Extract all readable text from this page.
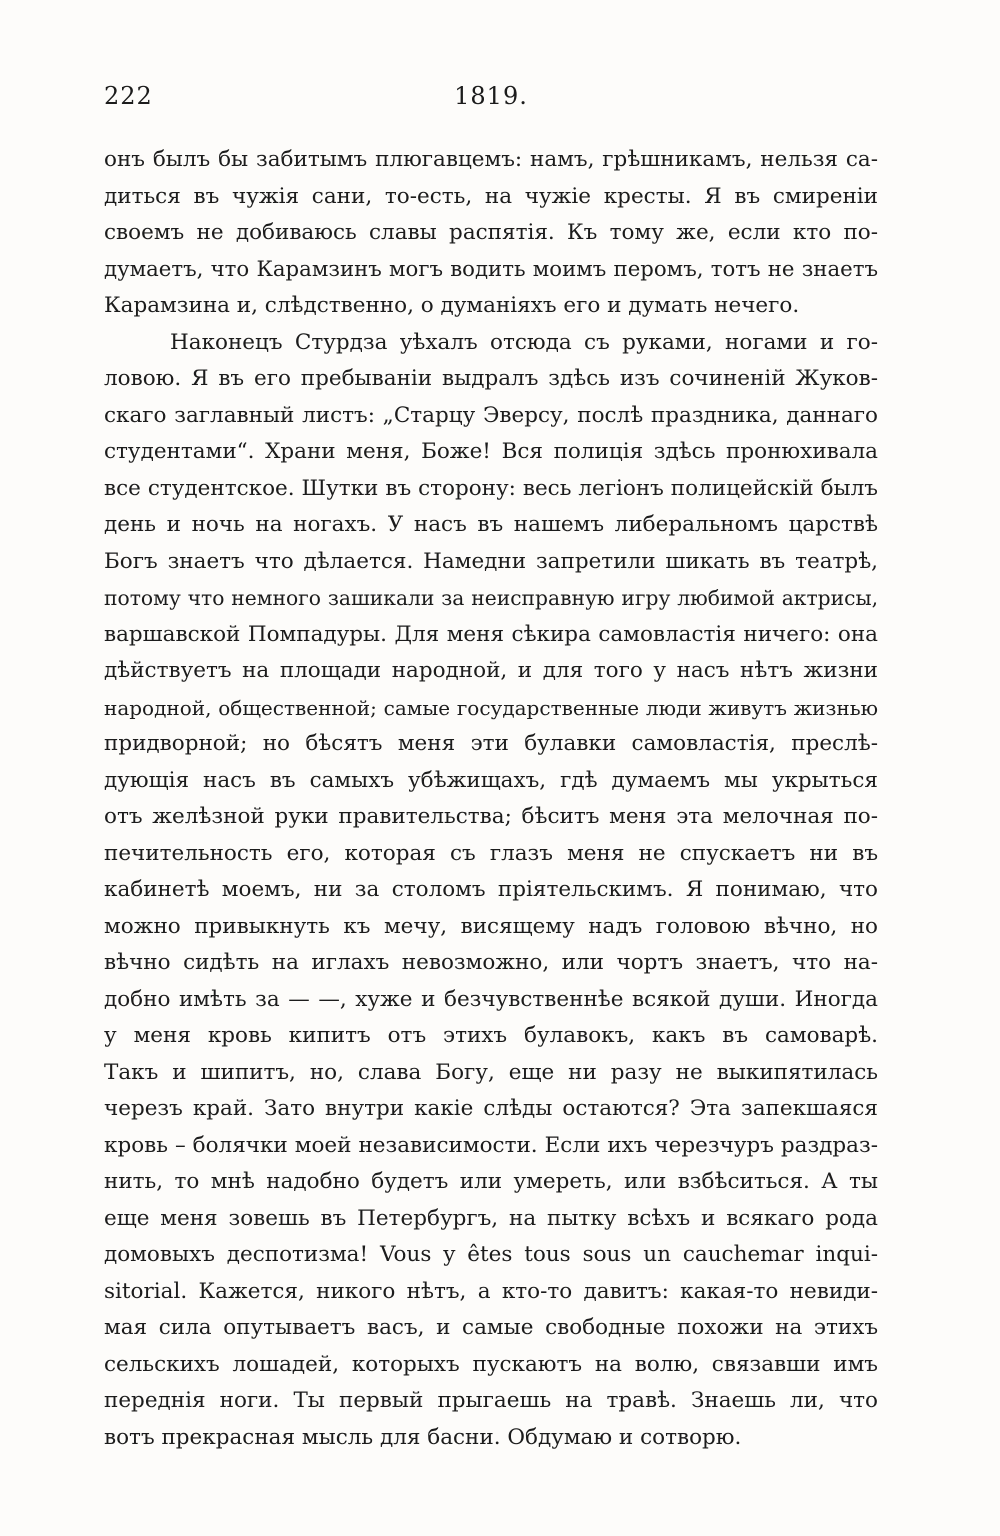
222	1819.
онъ былъ бы забитымъ плюгавцемъ: намъ, грѣшникамъ, нельзя са-
диться въ чужія сани, то-есть, на чужіе кресты. Я въ смиреніи
своемъ не добиваюсь славы распятія. Къ тому же, если кто по-
думаетъ, что Карамзинъ могъ водить моимъ перомъ, тотъ не знаетъ
Карамзина и, слѣдственно, о думаніяхъ его и думать нечего.
Наконецъ Стурдза уѣхалъ отсюда съ руками, ногами и го-
ловою. Я въ его пребываніи выдралъ здѣсь изъ сочиненій Жуков-
скаго заглавный листъ: „Старцу Эверсу, послѣ праздника, даннаго
студентами“. Храни меня, Боже! Вся полиція здѣсь пронюхивала
все студентское. Шутки въ сторону: весь легіонъ полицейскій былъ
день и ночь на ногахъ. У насъ въ нашемъ либеральномъ царствѣ
Богъ знаетъ что дѣлается. Намедни запретили шикать въ театрѣ,
потому что немного зашикали за неисправную игру любимой актрисы,
варшавской Помпадуры. Для меня сѣкира самовластія ничего: она
дѣйствуетъ на площади народной, и для того у насъ нѣтъ жизни
народной, общественной; самые государственные люди живутъ жизнью
придворной; но бѣсятъ меня эти булавки самовластія, преслѣ-
дующія насъ въ самыхъ убѣжищахъ, гдѣ думаемъ мы укрыться
отъ желѣзной руки правительства; бѣситъ меня эта мелочная по-
печительность его, которая съ глазъ меня не спускаетъ ни въ
кабинетѣ моемъ, ни за столомъ пріятельскимъ. Я понимаю, что
можно привыкнуть къ мечу, висящему надъ головою вѣчно, но
вѣчно сидѣть на иглахъ невозможно, или чортъ знаетъ, что на-
добно имѣть за — —, хуже и безчувственнѣе всякой души. Иногда
у меня кровь кипитъ отъ этихъ булавокъ, какъ въ самоварѣ.
Такъ и шипитъ, но, слава Богу, еще ни разу не выкипятилась
черезъ край. Зато внутри какіе слѣды остаются? Эта запекшаяся
кровь – болячки моей независимости. Если ихъ черезчуръ раздраз-
нить, то мнѣ надобно будетъ или умереть, или взбѣситься. А ты
еще меня зовешь въ Петербургъ, на пытку всѣхъ и всякаго рода
домовыхъ деспотизма! Vous y êtes tous sous un cauchemar inqui-
sitorial. Кажется, никого нѣтъ, а кто-то давитъ: какая-то невиди-
мая сила опутываетъ васъ, и самые свободные похожи на этихъ
сельскихъ лошадей, которыхъ пускаютъ на волю, связавши имъ
переднія ноги. Ты первый прыгаешь на травѣ. Знаешь ли, что
вотъ прекрасная мысль для басни. Обдумаю и сотворю.
